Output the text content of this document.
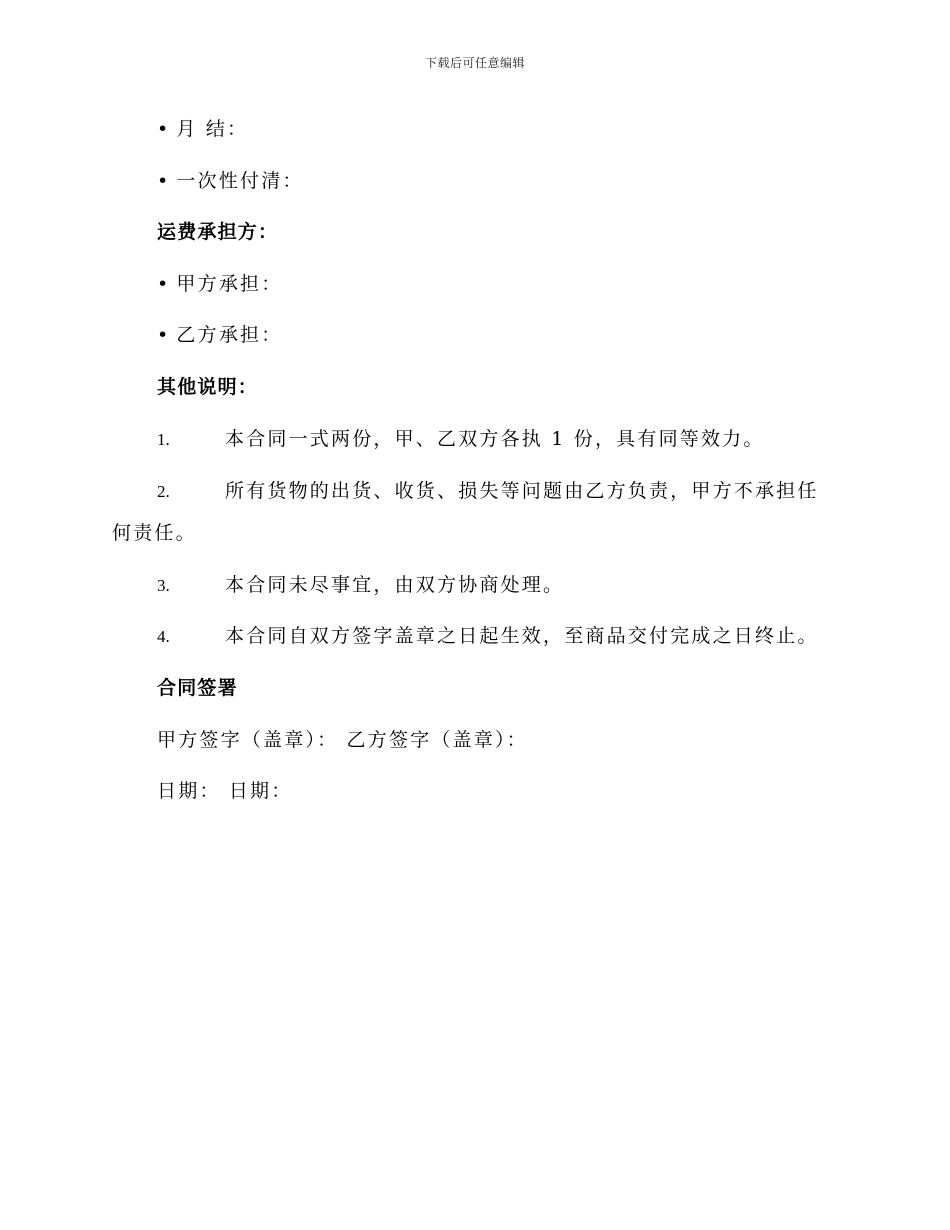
下载后可任意编辑
• 月 结：
• 一次性付清：
运费承担方：
• 甲方承担：
• 乙方承担：
其他说明：
1.	本合同一式两份，甲、乙双方各执 1 份，具有同等效力。
2.	所有货物的出货、收货、损失等问题由乙方负责，甲方不承担任
何责任。
3.	本合同未尽事宜，由双方协商处理。
4.	本合同自双方签字盖章之日起生效，至商品交付完成之日终止。
合同签署
甲方签字（盖章）： 乙方签字（盖章）：
日期： 日期：
